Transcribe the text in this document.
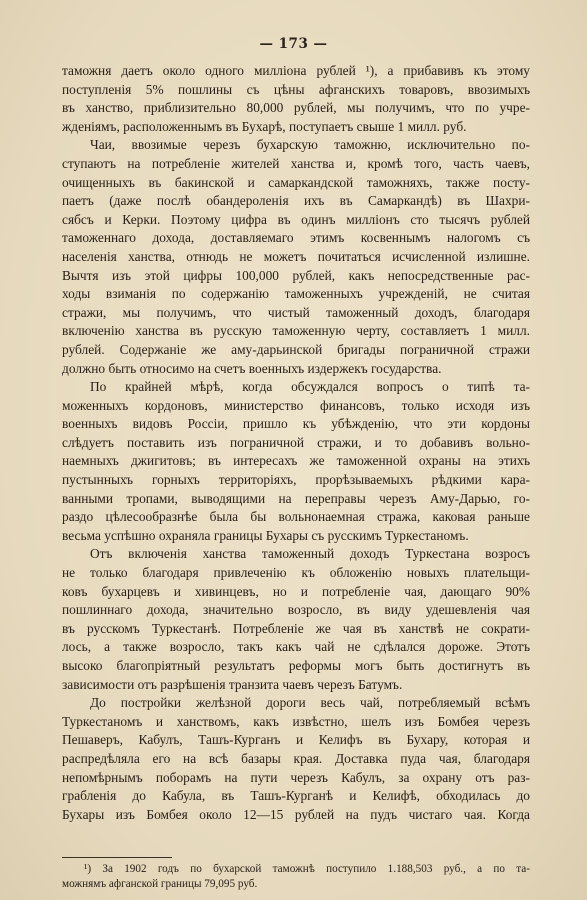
— 173 —
таможня даетъ около одного милліона рублей ¹), а прибавивъ къ этому
поступленія 5% пошлины съ цѣны афганскихъ товаровъ, ввозимыхъ
въ ханство, приблизительно 80,000 рублей, мы получимъ, что по учре-
жденіямъ, расположеннымъ въ Бухарѣ, поступаетъ свыше 1 милл. руб.
Чаи, ввозимые черезъ бухарскую таможню, исключительно по-
ступаютъ на потребленіе жителей ханства и, кромѣ того, часть чаевъ,
очищенныхъ въ бакинской и самаркандской таможняхъ, также посту-
паетъ (даже послѣ обандероленія ихъ въ Самаркандѣ) въ Шахри-
сябсъ и Керки. Поэтому цифра въ одинъ милліонъ сто тысячъ рублей
таможеннаго дохода, доставляемаго этимъ косвеннымъ налогомъ съ
населенія ханства, отнюдь не можетъ почитаться исчисленной излишне.
Вычтя изъ этой цифры 100,000 рублей, какъ непосредственные рас-
ходы взиманія по содержанію таможенныхъ учрежденій, не считая
стражи, мы получимъ, что чистый таможенный доходъ, благодаря
включенію ханства въ русскую таможенную черту, составляетъ 1 милл.
рублей. Содержаніе же аму-дарьинской бригады пограничной стражи
должно быть относимо на счетъ военныхъ издержекъ государства.
По крайней мѣрѣ, когда обсуждался вопросъ о типѣ та-
моженныхъ кордоновъ, министерство финансовъ, только исходя изъ
военныхъ видовъ Россіи, пришло къ убѣжденію, что эти кордоны
слѣдуетъ поставить изъ пограничной стражи, и то добавивъ вольно-
наемныхъ джигитовъ; въ интересахъ же таможенной охраны на этихъ
пустынныхъ горныхъ территоріяхъ, прорѣзываемыхъ рѣдкими кара-
ванными тропами, выводящими на переправы черезъ Аму-Дарью, го-
раздо цѣлесообразнѣе была бы вольнонаемная стража, каковая раньше
весьма успѣшно охраняла границы Бухары съ русскимъ Туркестаномъ.
Отъ включенія ханства таможенный доходъ Туркестана возросъ
не только благодаря привлеченію къ обложенію новыхъ плательщи-
ковъ бухарцевъ и хивинцевъ, но и потребленіе чая, дающаго 90%
пошлиннаго дохода, значительно возросло, въ виду удешевленія чая
въ русскомъ Туркестанѣ. Потребленіе же чая въ ханствѣ не сократи-
лось, а также возросло, такъ какъ чай не сдѣлался дороже. Этотъ
высоко благопріятный результатъ реформы могъ быть достигнутъ въ
зависимости отъ разрѣшенія транзита чаевъ черезъ Батумъ.
До постройки желѣзной дороги весь чай, потребляемый всѣмъ
Туркестаномъ и ханствомъ, какъ извѣстно, шелъ изъ Бомбея черезъ
Пешаверъ, Кабулъ, Ташъ-Курганъ и Келифъ въ Бухару, которая и
распредѣляла его на всѣ базары края. Доставка пуда чая, благодаря
непомѣрнымъ поборамъ на пути черезъ Кабулъ, за охрану отъ раз-
грабленія до Кабула, въ Ташъ-Курганѣ и Келифѣ, обходилась до
Бухары изъ Бомбея около 12—15 рублей на пудъ чистаго чая. Когда
¹) За 1902 годъ по бухарской таможнѣ поступило 1.188,503 руб., а по та-
можнямъ афганской границы 79,095 руб.
